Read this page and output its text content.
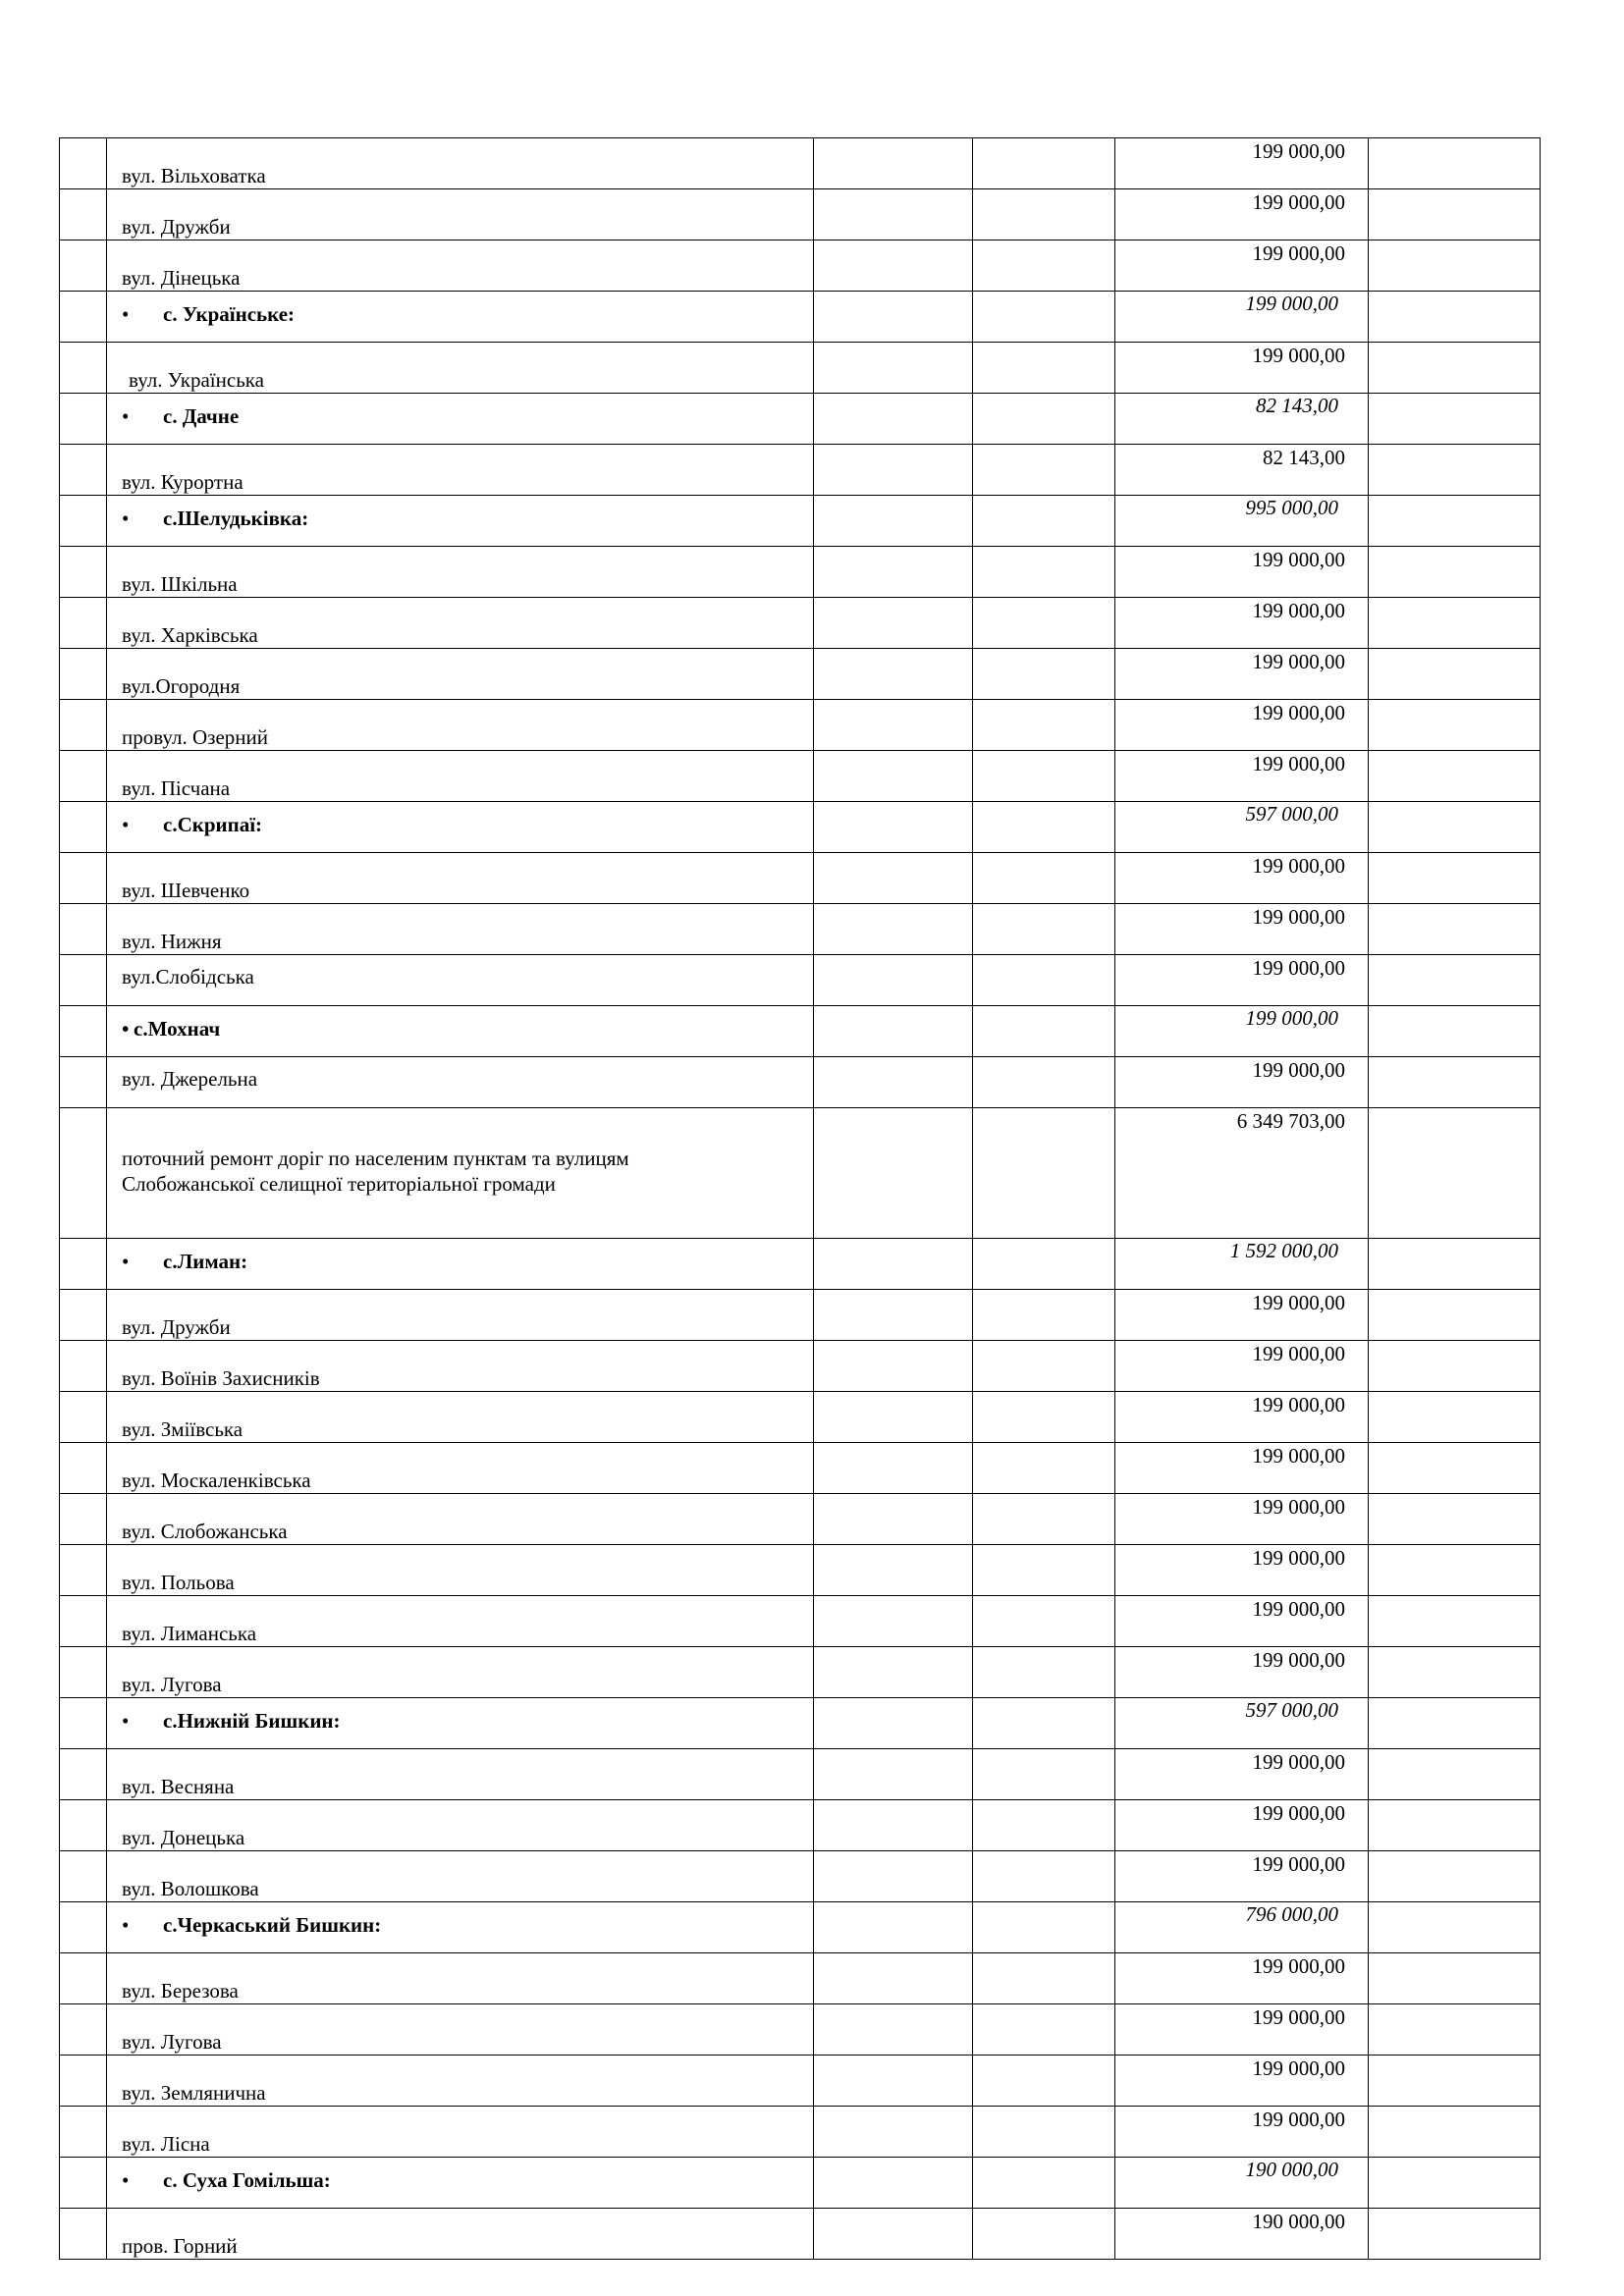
	вул. Вільховатка			199 000,00	

	вул. Дружби			199 000,00	

	вул. Дінецька			199 000,00	

	• с. Українське:			199 000,00	

	вул. Українська			199 000,00	

	• с. Дачне			82 143,00	

	вул. Курортна			82 143,00	

	• с.Шелудьківка:			995 000,00	

	вул. Шкільна			199 000,00	

	вул. Харківська			199 000,00	

	вул.Огородня			199 000,00	

	провул. Озерний			199 000,00	

	вул. Пісчана			199 000,00	

	• с.Скрипаї:			597 000,00	

	вул. Шевченко			199 000,00	

	вул. Нижня			199 000,00	

	вул.Слобідська			199 000,00	

	• с.Мохнач			199 000,00	

	вул. Джерельна			199 000,00	

	поточний ремонт доріг по населеним пунктам та вулицям
Слобожанської селищної територіальної громади			6 349 703,00	

	• с.Лиман:			1 592 000,00	

	вул. Дружби			199 000,00	

	вул. Воїнів Захисників			199 000,00	

	вул. Зміївська			199 000,00	

	вул. Москаленківська			199 000,00	

	вул. Слобожанська			199 000,00	

	вул. Польова			199 000,00	

	вул. Лиманська			199 000,00	

	вул. Лугова			199 000,00	

	• с.Нижній Бишкин:			597 000,00	

	вул. Весняна			199 000,00	

	вул. Донецька			199 000,00	

	вул. Волошкова			199 000,00	

	• с.Черкаський Бишкин:			796 000,00	

	вул. Березова			199 000,00	

	вул. Лугова			199 000,00	

	вул. Земляничнa			199 000,00	

	вул. Лісна			199 000,00	

	• с. Суха Гомільша:			190 000,00	

	пров. Горний			190 000,00	
